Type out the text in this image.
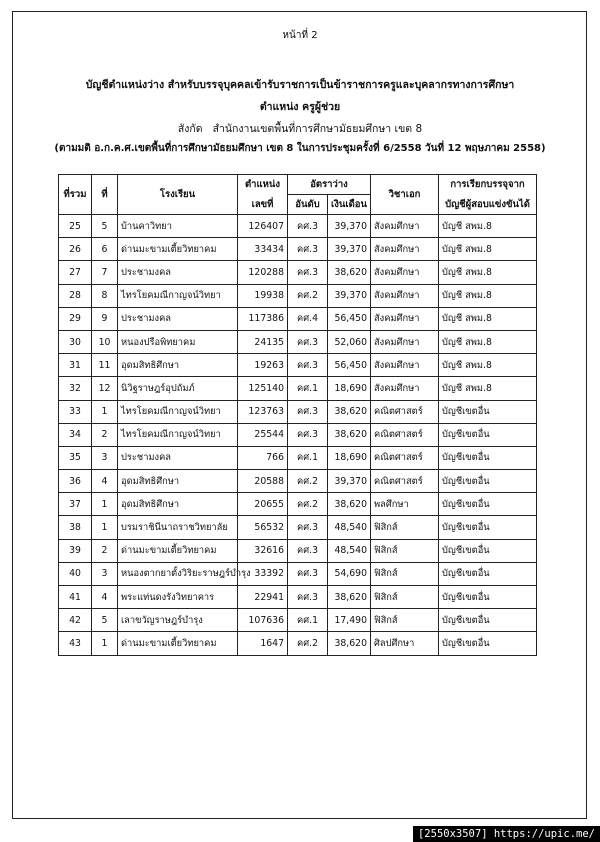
หน้าที่ 2
บัญชีตำแหน่งว่าง สำหรับบรรจุบุคคลเข้ารับราชการเป็นข้าราชการครูและบุคลากรทางการศึกษา
ตำแหน่ง ครูผู้ช่วย
สังกัด สำนักงานเขตพื้นที่การศึกษามัธยมศึกษา เขต 8
(ตามมติ อ.ก.ค.ศ.เขตพื้นที่การศึกษามัธยมศึกษา เขต 8 ในการประชุมครั้งที่ 6/2558 วันที่ 12 พฤษภาคม 2558)
ที่รวม	ที่	โรงเรียน	ตำแหน่ง	อัตราว่าง		วิชาเอก	การเรียกบรรจุจาก
			เลขที่	อันดับ	เงินเดือน		บัญชีผู้สอบแข่งขันได้
25	5	บ้านคาวิทยา	126407	คศ.3	39,370	สังคมศึกษา	บัญชี สพม.8
26	6	ด่านมะขามเตี้ยวิทยาคม	33434	คศ.3	39,370	สังคมศึกษา	บัญชี สพม.8
27	7	ประชามงคล	120288	คศ.3	38,620	สังคมศึกษา	บัญชี สพม.8
28	8	ไทรโยคมณีกาญจน์วิทยา	19938	คศ.2	39,370	สังคมศึกษา	บัญชี สพม.8
29	9	ประชามงคล	117386	คศ.4	56,450	สังคมศึกษา	บัญชี สพม.8
30	10	หนองปรือพิทยาคม	24135	คศ.3	52,060	สังคมศึกษา	บัญชี สพม.8
31	11	อุดมสิทธิศึกษา	19263	คศ.3	56,450	สังคมศึกษา	บัญชี สพม.8
32	12	นิวิฐราษฎร์อุปถัมภ์	125140	คศ.1	18,690	สังคมศึกษา	บัญชี สพม.8
33	1	ไทรโยคมณีกาญจน์วิทยา	123763	คศ.3	38,620	คณิตศาสตร์	บัญชีเขตอื่น
34	2	ไทรโยคมณีกาญจน์วิทยา	25544	คศ.3	38,620	คณิตศาสตร์	บัญชีเขตอื่น
35	3	ประชามงคล	766	คศ.1	18,690	คณิตศาสตร์	บัญชีเขตอื่น
36	4	อุดมสิทธิศึกษา	20588	คศ.2	39,370	คณิตศาสตร์	บัญชีเขตอื่น
37	1	อุดมสิทธิศึกษา	20655	คศ.2	38,620	พลศึกษา	บัญชีเขตอื่น
38	1	บรมราชินีนาถราชวิทยาลัย	56532	คศ.3	48,540	ฟิสิกส์	บัญชีเขตอื่น
39	2	ด่านมะขามเตี้ยวิทยาคม	32616	คศ.3	48,540	ฟิสิกส์	บัญชีเขตอื่น
40	3	หนองตากยาตั้งวิริยะราษฎร์บำรุง	33392	คศ.3	54,690	ฟิสิกส์	บัญชีเขตอื่น
41	4	พระแท่นดงรังวิทยาคาร	22941	คศ.3	38,620	ฟิสิกส์	บัญชีเขตอื่น
42	5	เลาขวัญราษฎร์บำรุง	107636	คศ.1	17,490	ฟิสิกส์	บัญชีเขตอื่น
43	1	ด่านมะขามเตี้ยวิทยาคม	1647	คศ.2	38,620	ศิลปศึกษา	บัญชีเขตอื่น
[2550x3507] https://upic.me/
